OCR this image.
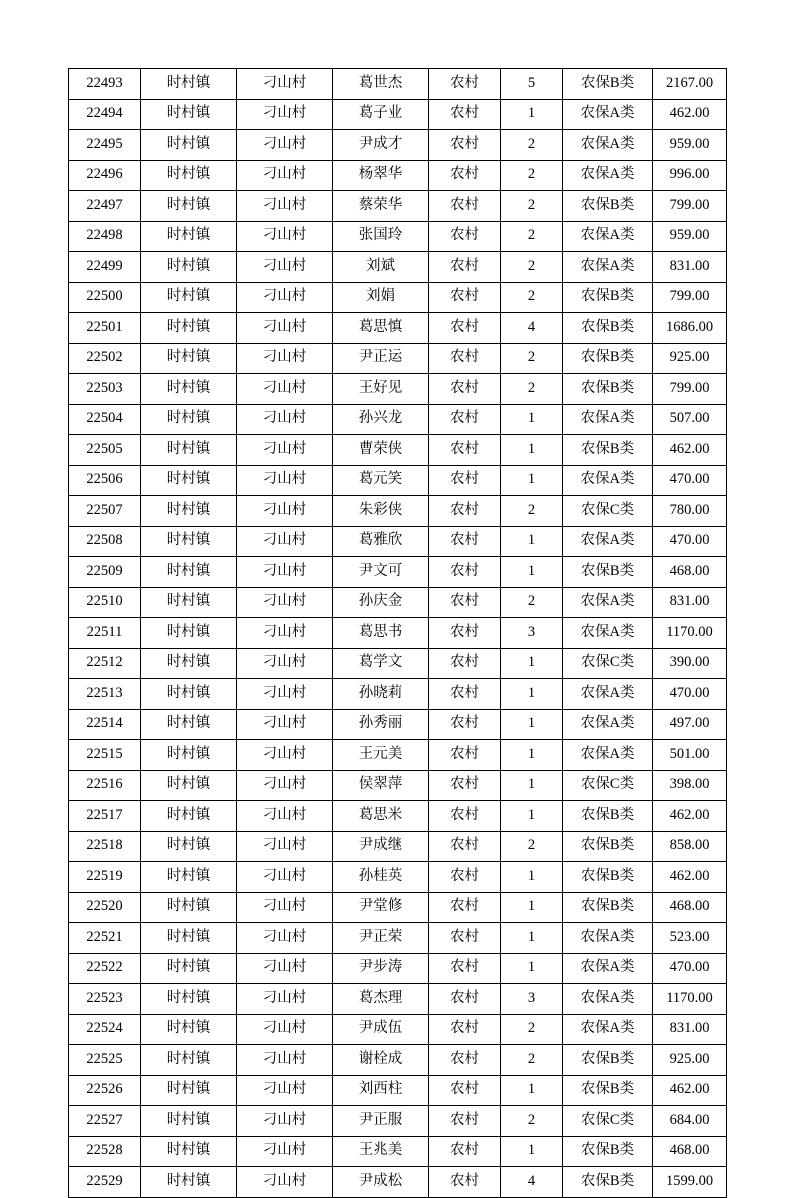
22493	时村镇	刁山村	葛世杰	农村	5	农保B类	2167.00
22494	时村镇	刁山村	葛子业	农村	1	农保A类	462.00
22495	时村镇	刁山村	尹成才	农村	2	农保A类	959.00
22496	时村镇	刁山村	杨翠华	农村	2	农保A类	996.00
22497	时村镇	刁山村	蔡荣华	农村	2	农保B类	799.00
22498	时村镇	刁山村	张国玲	农村	2	农保A类	959.00
22499	时村镇	刁山村	刘斌	农村	2	农保A类	831.00
22500	时村镇	刁山村	刘娟	农村	2	农保B类	799.00
22501	时村镇	刁山村	葛思慎	农村	4	农保B类	1686.00
22502	时村镇	刁山村	尹正运	农村	2	农保B类	925.00
22503	时村镇	刁山村	王好见	农村	2	农保B类	799.00
22504	时村镇	刁山村	孙兴龙	农村	1	农保A类	507.00
22505	时村镇	刁山村	曹荣侠	农村	1	农保B类	462.00
22506	时村镇	刁山村	葛元笑	农村	1	农保A类	470.00
22507	时村镇	刁山村	朱彩侠	农村	2	农保C类	780.00
22508	时村镇	刁山村	葛雅欣	农村	1	农保A类	470.00
22509	时村镇	刁山村	尹文可	农村	1	农保B类	468.00
22510	时村镇	刁山村	孙庆金	农村	2	农保A类	831.00
22511	时村镇	刁山村	葛思书	农村	3	农保A类	1170.00
22512	时村镇	刁山村	葛学文	农村	1	农保C类	390.00
22513	时村镇	刁山村	孙晓莉	农村	1	农保A类	470.00
22514	时村镇	刁山村	孙秀丽	农村	1	农保A类	497.00
22515	时村镇	刁山村	王元美	农村	1	农保A类	501.00
22516	时村镇	刁山村	侯翠萍	农村	1	农保C类	398.00
22517	时村镇	刁山村	葛思米	农村	1	农保B类	462.00
22518	时村镇	刁山村	尹成继	农村	2	农保B类	858.00
22519	时村镇	刁山村	孙桂英	农村	1	农保B类	462.00
22520	时村镇	刁山村	尹堂修	农村	1	农保B类	468.00
22521	时村镇	刁山村	尹正荣	农村	1	农保A类	523.00
22522	时村镇	刁山村	尹步涛	农村	1	农保A类	470.00
22523	时村镇	刁山村	葛杰理	农村	3	农保A类	1170.00
22524	时村镇	刁山村	尹成伍	农村	2	农保A类	831.00
22525	时村镇	刁山村	谢栓成	农村	2	农保B类	925.00
22526	时村镇	刁山村	刘西柱	农村	1	农保B类	462.00
22527	时村镇	刁山村	尹正服	农村	2	农保C类	684.00
22528	时村镇	刁山村	王兆美	农村	1	农保B类	468.00
22529	时村镇	刁山村	尹成松	农村	4	农保B类	1599.00
